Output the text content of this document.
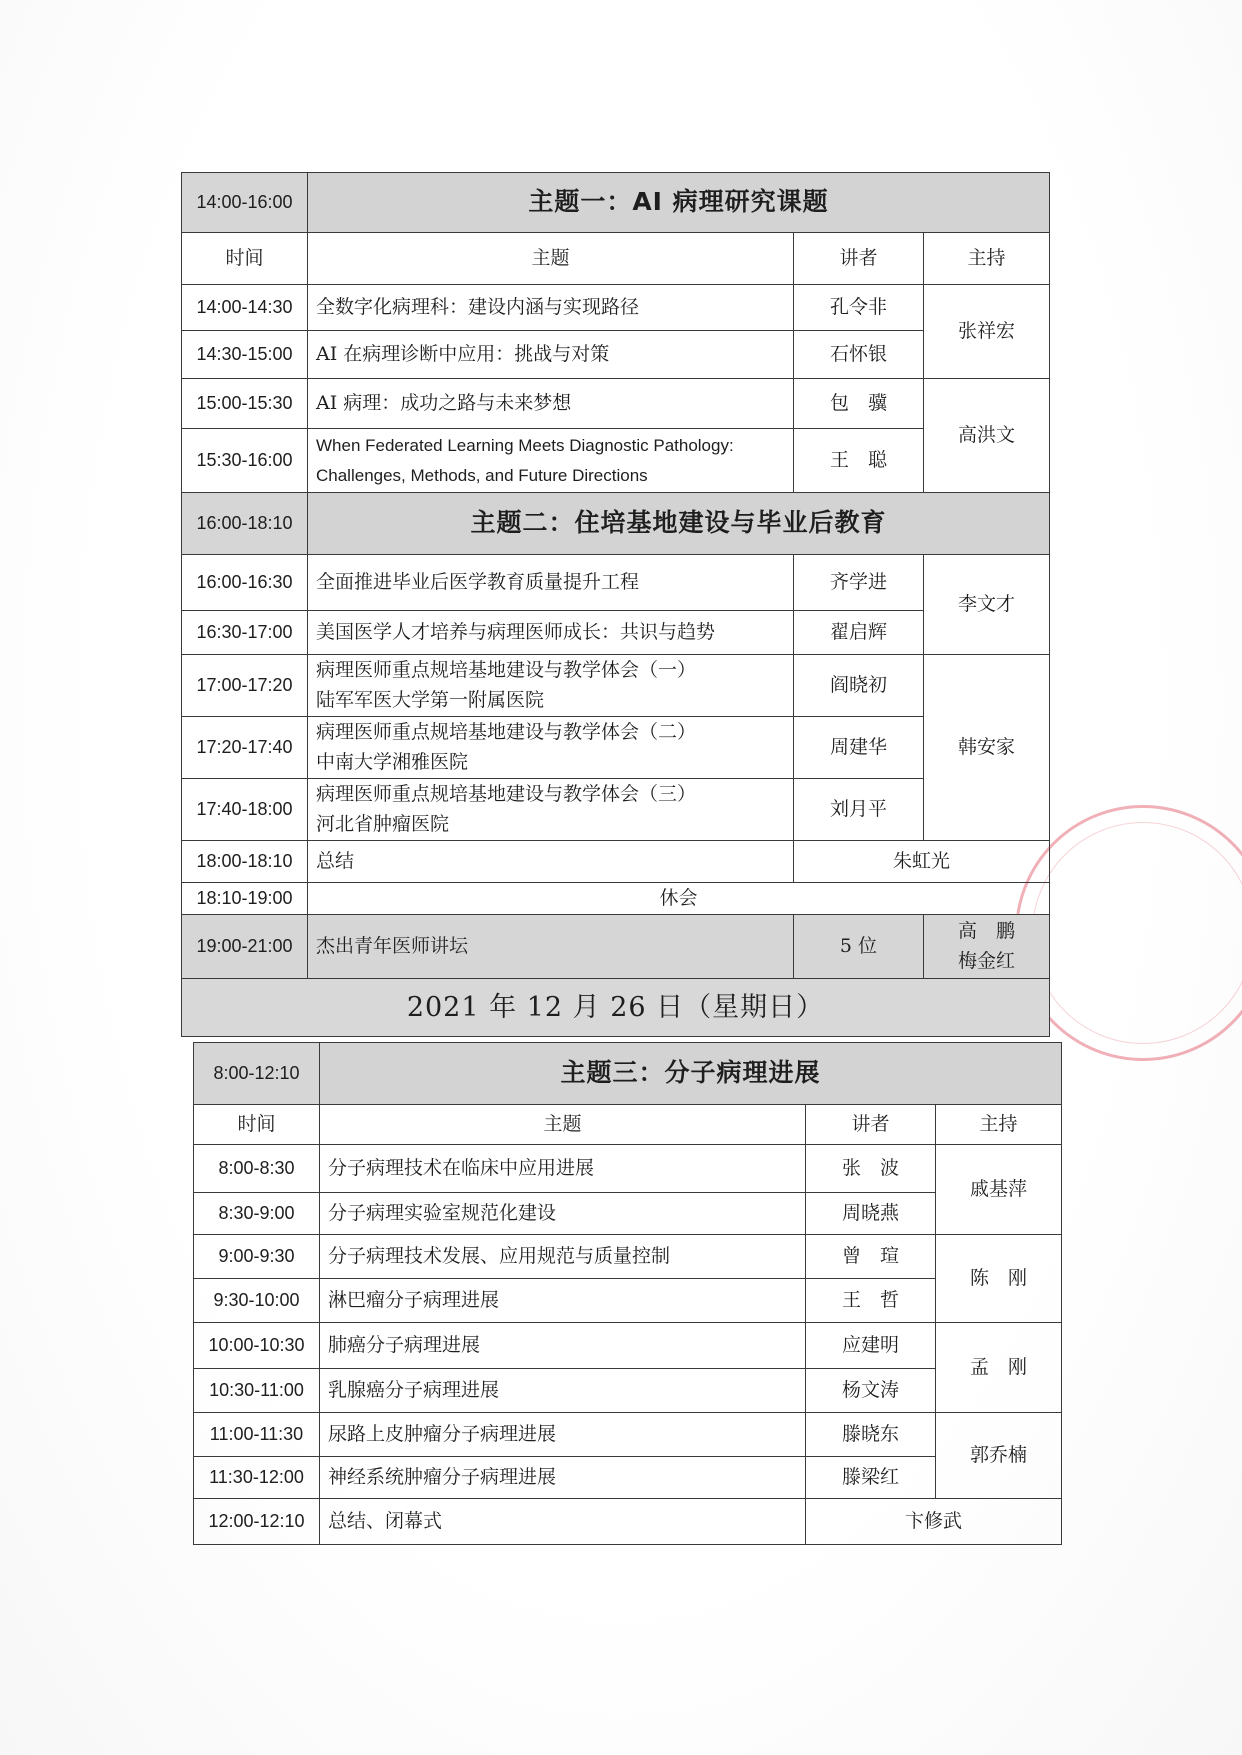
14:00-16:00	主题一：AI 病理研究课题		
时间	主题	讲者	主持
14:00-14:30	全数字化病理科：建设内涵与实现路径	孔令非	张祥宏
14:30-15:00	AI 在病理诊断中应用：挑战与对策	石怀银	
15:00-15:30	AI 病理：成功之路与未来梦想	包　骥	高洪文
15:30-16:00	When Federated Learning Meets Diagnostic Pathology: Challenges, Methods, and Future Directions	王　聪	
16:00-18:10	主题二：住培基地建设与毕业后教育		
16:00-16:30	全面推进毕业后医学教育质量提升工程	齐学进	李文才
16:30-17:00	美国医学人才培养与病理医师成长：共识与趋势	翟启辉	
17:00-17:20	病理医师重点规培基地建设与教学体会（一）
陆军军医大学第一附属医院	阎晓初	韩安家
17:20-17:40	病理医师重点规培基地建设与教学体会（二）
中南大学湘雅医院	周建华	
17:40-18:00	病理医师重点规培基地建设与教学体会（三）
河北省肿瘤医院	刘月平	
18:00-18:10	总结	朱虹光	
18:10-19:00	休会		
19:00-21:00	杰出青年医师讲坛	5 位	高　鹏
梅金红

2021 年 12 月 26 日（星期日）			
8:00-12:10	主题三：分子病理进展		
时间	主题	讲者	主持
8:00-8:30	分子病理技术在临床中应用进展	张　波	戚基萍
8:30-9:00	分子病理实验室规范化建设	周晓燕	
9:00-9:30	分子病理技术发展、应用规范与质量控制	曾　瑄	陈　刚
9:30-10:00	淋巴瘤分子病理进展	王　哲	
10:00-10:30	肺癌分子病理进展	应建明	孟　刚
10:30-11:00	乳腺癌分子病理进展	杨文涛	
11:00-11:30	尿路上皮肿瘤分子病理进展	滕晓东	郭乔楠
11:30-12:00	神经系统肿瘤分子病理进展	滕梁红	
12:00-12:10	总结、闭幕式	卞修武	
